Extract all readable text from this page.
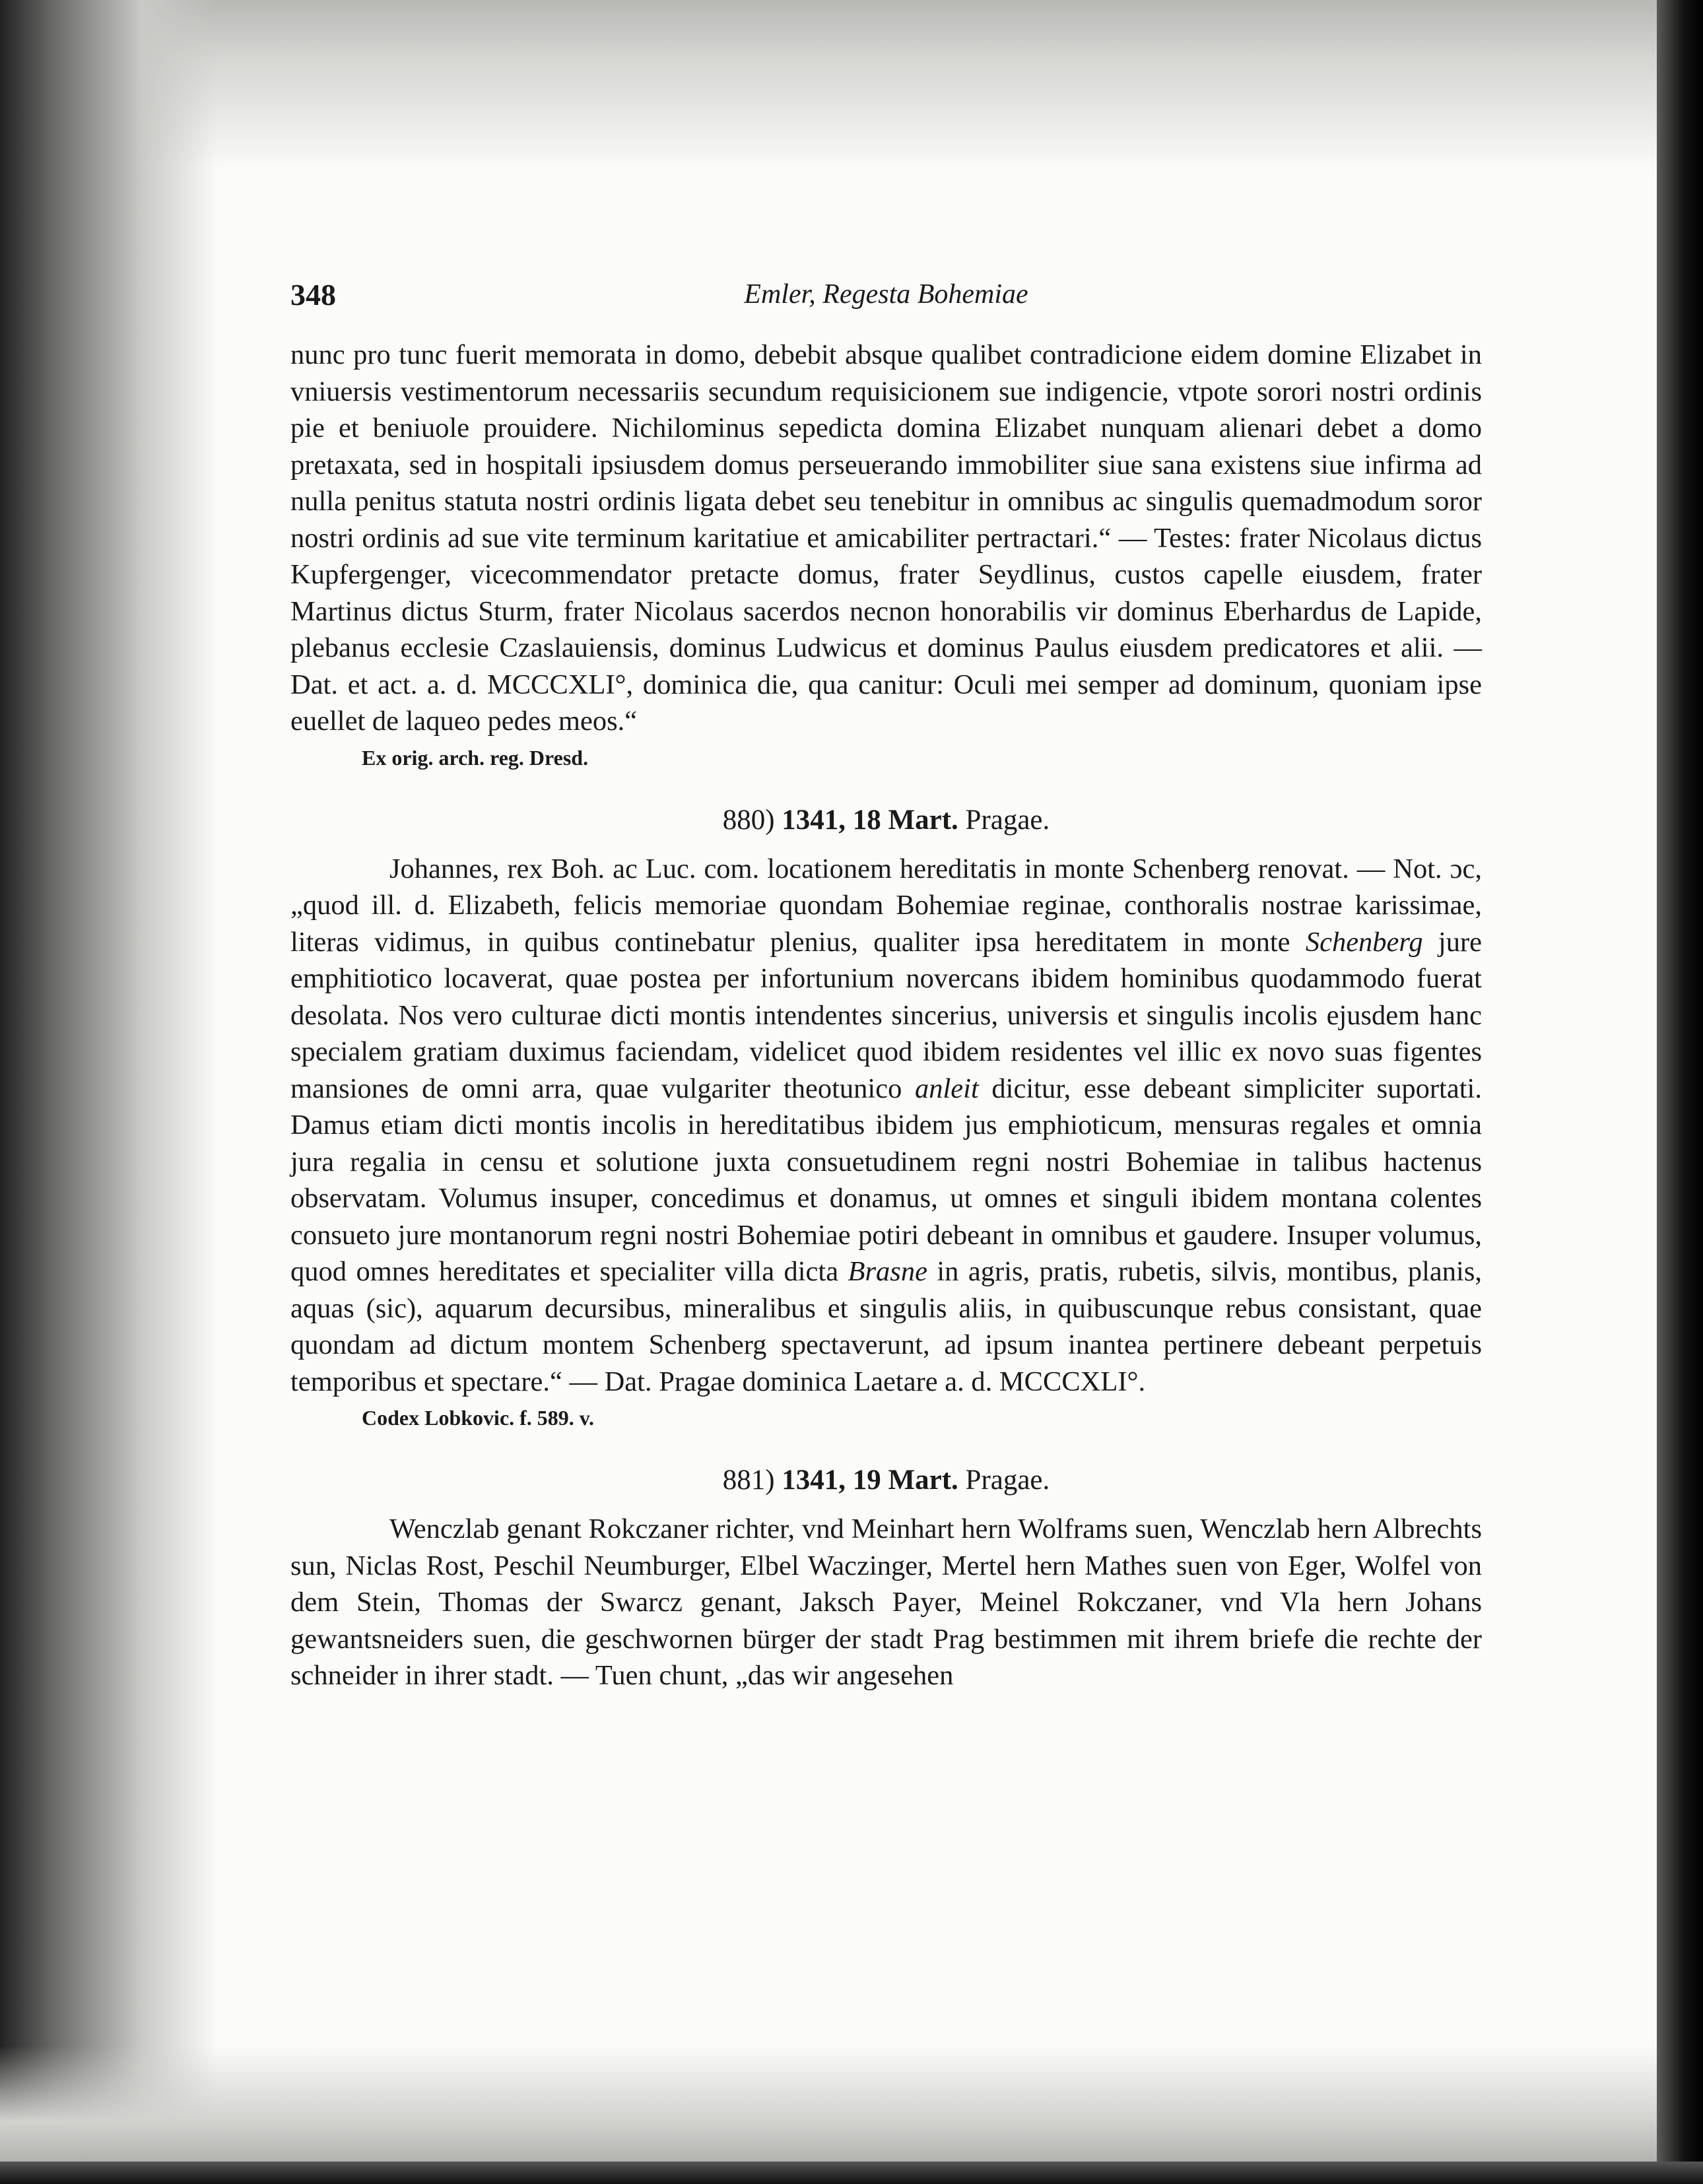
348	Emler, Regesta Bohemiae

nunc pro tunc fuerit memorata in domo, debebit absque qualibet contradicione eidem domine Elizabet in vniuersis vestimentorum necessariis secundum requisicionem sue indigencie, vtpote sorori nostri ordinis pie et beniuole prouidere. Nichilominus sepedicta domina Elizabet nunquam alienari debet a domo pretaxata, sed in hospitali ipsiusdem domus perseuerando immobiliter siue sana existens siue infirma ad nulla penitus statuta nostri ordinis ligata debet seu tenebitur in omnibus ac singulis quemadmodum soror nostri ordinis ad sue vite terminum karitatiue et amicabiliter pertractari.“ — Testes: frater Nicolaus dictus Kupfergenger, vicecommendator pretacte domus, frater Seydlinus, custos capelle eiusdem, frater Martinus dictus Sturm, frater Nicolaus sacerdos necnon honorabilis vir dominus Eberhardus de Lapide, plebanus ecclesie Czaslauiensis, dominus Ludwicus et dominus Paulus eiusdem predicatores et alii. — Dat. et act. a. d. MCCCXLI°, dominica die, qua canitur: Oculi mei semper ad dominum, quoniam ipse euellet de laqueo pedes meos.“

Ex orig. arch. reg. Dresd.
880) 1341, 18 Mart. Pragae.

Johannes, rex Boh. ac Luc. com. locationem hereditatis in monte Schenberg renovat. — Not. ɔc, „quod ill. d. Elizabeth, felicis memoriae quondam Bohemiae reginae, conthoralis nostrae karissimae, literas vidimus, in quibus continebatur plenius, qualiter ipsa hereditatem in monte Schenberg jure emphitiotico locaverat, quae postea per infortunium novercans ibidem hominibus quodammodo fuerat desolata. Nos vero culturae dicti montis intendentes sincerius, universis et singulis incolis ejusdem hanc specialem gratiam duximus faciendam, videlicet quod ibidem residentes vel illic ex novo suas figentes mansiones de omni arra, quae vulgariter theotunico anleit dicitur, esse debeant simpliciter suportati. Damus etiam dicti montis incolis in hereditatibus ibidem jus emphioticum, mensuras regales et omnia jura regalia in censu et solutione juxta consuetudinem regni nostri Bohemiae in talibus hactenus observatam. Volumus insuper, concedimus et donamus, ut omnes et singuli ibidem montana colentes consueto jure montanorum regni nostri Bohemiae potiri debeant in omnibus et gaudere. Insuper volumus, quod omnes hereditates et specialiter villa dicta Brasne in agris, pratis, rubetis, silvis, montibus, planis, aquas (sic), aquarum decursibus, mineralibus et singulis aliis, in quibuscunque rebus consistant, quae quondam ad dictum montem Schenberg spectaverunt, ad ipsum inantea pertinere debeant perpetuis temporibus et spectare.“ — Dat. Pragae dominica Laetare a. d. MCCCXLI°.

Codex Lobkovic. f. 589. v.
881) 1341, 19 Mart. Pragae.

Wenczlab genant Rokczaner richter, vnd Meinhart hern Wolframs suen, Wenczlab hern Albrechts sun, Niclas Rost, Peschil Neumburger, Elbel Waczinger, Mertel hern Mathes suen von Eger, Wolfel von dem Stein, Thomas der Swarcz genant, Jaksch Payer, Meinel Rokczaner, vnd Vla hern Johans gewantsneiders suen, die geschwornen bürger der stadt Prag bestimmen mit ihrem briefe die rechte der schneider in ihrer stadt. — Tuen chunt, „das wir angesehen
